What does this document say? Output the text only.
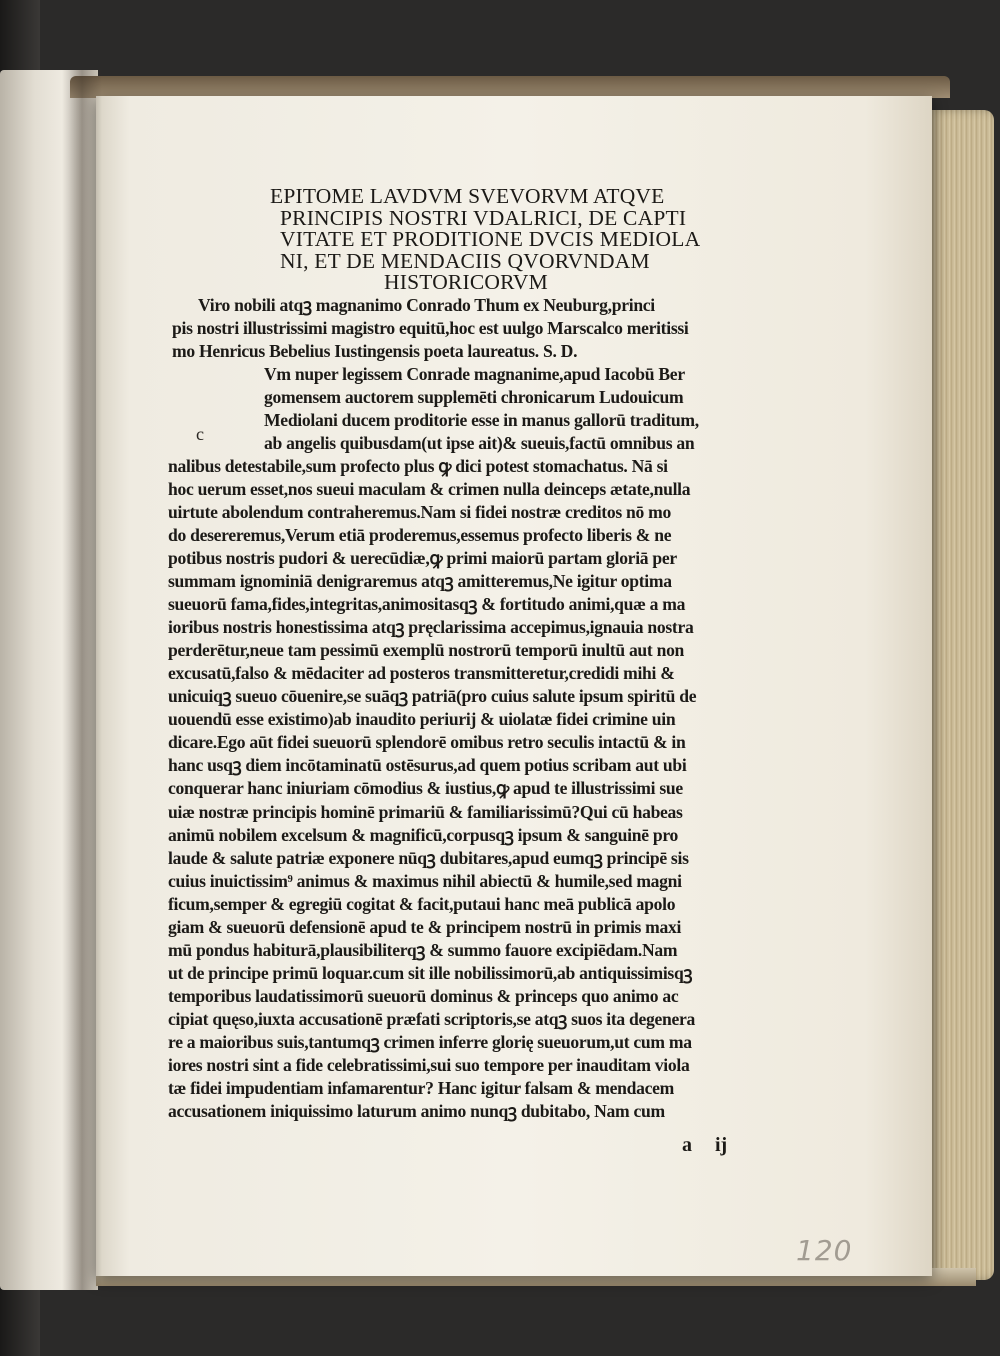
EPITOME LAVDVM SVEVORVM ATQVE
PRINCIPIS NOSTRI VDALRICI, DE CAPTI
VITATE ET PRODITIONE DVCIS MEDIOLA
NI, ET DE MENDACIIS QVORVNDAM
HISTORICORVM
Viro nobili atqꝫ magnanimo Conrado Thum ex Neuburg,princi
pis nostri illustrissimi magistro equitū,hoc est uulgo Marscalco meritissi
mo Henricus Bebelius Iustingensis poeta laureatus. S. D.
Vm nuper legissem Conrade magnanime,apud Iacobū Ber
gomensem auctorem supplemēti chronicarum Ludouicum
Mediolani ducem proditorie esse in manus gallorū traditum,
ab angelis quibusdam(ut ipse ait)& sueuis,factū omnibus an
nalibus detestabile,sum profecto plus ꝙ dici potest stomachatus. Nā si
hoc uerum esset,nos sueui maculam & crimen nulla deinceps ætate,nulla
uirtute abolendum contraheremus.Nam si fidei nostræ creditos nō mo
do desereremus,Verum etiā proderemus,essemus profecto liberis & ne
potibus nostris pudori & uerecūdiæ,ꝙ primi maiorū partam gloriā per
summam ignominiā denigraremus atqꝫ amitteremus,Ne igitur optima
sueuorū fama,fides,integritas,animositasqꝫ & fortitudo animi,quæ a ma
ioribus nostris honestissima atqꝫ pręclarissima accepimus,ignauia nostra
perderētur,neue tam pessimū exemplū nostrorū temporū inultū aut non
excusatū,falso & mēdaciter ad posteros transmitteretur,credidi mihi &
unicuiqꝫ sueuo cōuenire,se suāqꝫ patriā(pro cuius salute ipsum spiritū de
uouendū esse existimo)ab inaudito periurij & uiolatæ fidei crimine uin
dicare.Ego aūt fidei sueuorū splendorē omibus retro seculis intactū & in
hanc usqꝫ diem incōtaminatū ostēsurus,ad quem potius scribam aut ubi
conquerar hanc iniuriam cōmodius & iustius,ꝙ apud te illustrissimi sue
uiæ nostræ principis hominē primariū & familiarissimū?Qui cū habeas
animū nobilem excelsum & magnificū,corpusqꝫ ipsum & sanguinē pro
laude & salute patriæ exponere nūqꝫ dubitares,apud eumqꝫ principē sis
cuius inuictissim⁹ animus & maximus nihil abiectū & humile,sed magni
ficum,semper & egregiū cogitat & facit,putaui hanc meā publicā apolo
giam & sueuorū defensionē apud te & principem nostrū in primis maxi
mū pondus habiturā,plausibiliterqꝫ & summo fauore excipiēdam.Nam
ut de principe primū loquar.cum sit ille nobilissimorū,ab antiquissimisqꝫ
temporibus laudatissimorū sueuorū dominus & princeps quo animo ac
cipiat quęso,iuxta accusationē præfati scriptoris,se atqꝫ suos ita degenera
re a maioribus suis,tantumqꝫ crimen inferre glorię sueuorum,ut cum ma
iores nostri sint a fide celebratissimi,sui suo tempore per inauditam viola
tæ fidei impudentiam infamarentur? Hanc igitur falsam & mendacem
accusationem iniquissimo laturum animo nunqꝫ dubitabo, Nam cum
c
a ij
120
